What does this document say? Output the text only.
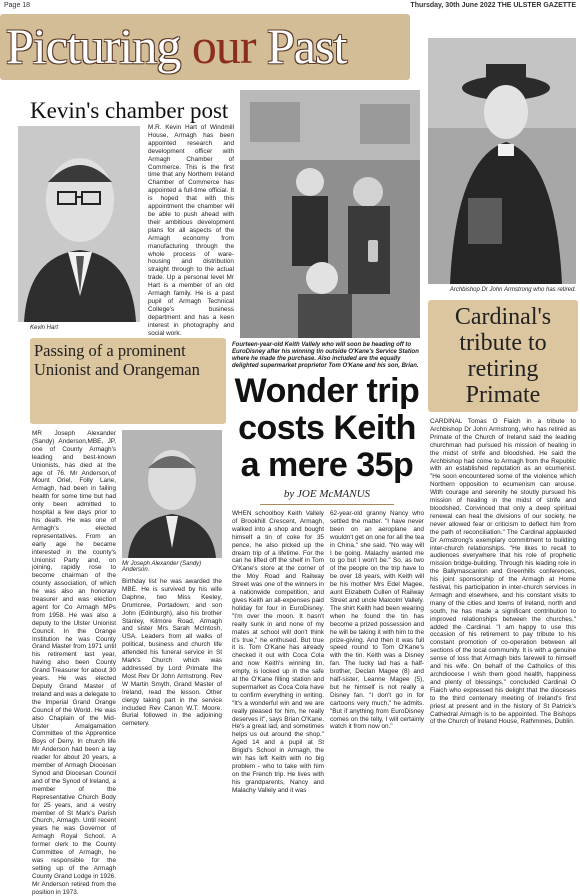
Page 18	Thursday, 30th June 2022 THE ULSTER GAZETTE
Picturing our Past
Kevin's chamber post
Kevin Hart
M.R. Kevin Hart of Windmill House, Armagh has been appointed research and development officer with Armagh Chamber of Commerce. This is the first time that any Northern Ireland Chamber of Commerce has appointed a full-time official. It is hoped that with this appointment the chamber will be able to push ahead with their ambitious development plans for all aspects of the Armagh economy from manufacturing through the whole process of ware-housing and distribution straight through to the actual trade. Up a personal level Mr Hart is a member of an old Armagh family. He is a past pupil of Armagh Technical College's business department and has a keen interest in photography and social work.
Archbishop Dr John Armstrong who has retired.
Passing of a prominent Unionist and Orangeman
MR Joseph Alexander (Sandy) Anderson,MBE, JP, one of County Armagh's leading and best-known Unionists, has died at the age of 76. Mr Anderson,of Mount Oriel, Folly Lane, Armagh, had been in failing health for some time but had only been admitted to hospital a few days prior to his death. He was one of Armagh's elected representatives. From an early age he became interested in the county's Unionist Party and, on joining, rapidly rose to become chairman of the county association, of which he was also an honorary treasurer and was election agent for Co Armagh MPs from 1958. He was also a deputy to the Ulster Unionist Council. In the Orange Institution he was County Grand Master from 1971 until his retirement last year, having also been County Grand Treasurer for about 30 years. He was elected Deputy Grand Master of Ireland and was a delegate to the Imperial Grand Orange Council of the World. He was also Chaplain of the Mid-Ulster Amalgamation Committee of the Apprentice Boys of Derry. In church life Mr Anderson had been a lay reader for about 20 years, a member of Armagh Diocesan Synod and Diocesan Council and of the Synod of Ireland, a member of the Representative Church Body for 25 years, and a vestry member of St Mark's Parish Church, Armagh. Until recent years he was Governor of Armagh Royal School. A former clerk to the County Committee of Armagh, he was responsible for the setting up of the Armagh County Grand Lodge in 1926. Mr Anderson retired from the position in 1973.
Mr Joseph Alexander (Sandy) Anderson.
Birthday list he was awarded the MBE. He is survived by his wife Daphne, two Miss Keeley, Drumcree, Portadown; and son John (Edinburgh), also his brother Stanley, Kilmore Road, Armagh and sister Mrs Sarah McIntosh, USA. Leaders from all walks of political, business and church life attended his funeral service in St Mark's Church which was addressed by Lord Primate the Most Rev Dr John Armstrong. Rev W Martin Smyth, Grand Master of Ireland, read the lesson. Other clergy taking part in the service included Rev Canon W.T. Moore. Burial followed in the adjoining cemetery.
Fourteen-year-old Keith Vallely who will soon be heading off to EuroDisney after his winning tin outside O'Kane's Service Station where he made the purchase. Also included are the equally delighted supermarket proprietor Tom O'Kane and his son, Brian.
Wonder trip costs Keith a mere 35p
by JOE McMANUS
WHEN schoolboy Keith Vallely of Brookhill Crescent, Armagh, walked into a shop and bought himself a tin of coke for 35 pence, he also picked up the dream trip of a lifetime. For the can he lifted off the shelf in Tom O'Kane's store at the corner of the Moy Road and Railway Street was one of the winners in a nationwide competition, and gives Keith an all-expenses paid holiday for four in EuroDisney. "I'm over the moon. It hasn't really sunk in and none of my mates at school will don't think it's true," he enthused. But true it is. Tom O'Kane has already checked it out with Coca Cola and now Keith's winning tin, empty, is locked up in the safe at the O'Kane filling station and supermarket as Coca Cola have to confirm everything in writing. "It's a wonderful win and we are really pleased for him, he really deserves it", says Brian O'Kane. He's a great lad, and sometimes helps us out around the shop." Aged 14 and a pupil at St Brigid's School in Armagh, the win has left Keith with no big problem - who to take with him on the French trip. He lives with his grandparents, Nancy and Malachy Vallely and it was
62-year-old granny Nancy who settled the matter. "I have never been on an aeroplane and wouldn't get on one for all the tea in China," she said. "No way will I be going. Malachy wanted me to go but I won't be." So, as two of the people on the trip have to be over 18 years, with Keith will be his mother Mrs Edel Magee, aunt Elizabeth Cullen of Railway Street and uncle Malcolm Vallely. The shirt Keith had been wearing when he found the tin has become a prized possession and he will be taking it with him to the prize-giving. And then it was full speed round to Tom O'Kane's with the tin. Keith was a Disney fan. The lucky lad has a half-brother, Declan Magee (8) and half-sister, Leanne Magee (5), but he himself is not really a Disney fan. "I don't go in for cartoons very much," he admits. "But if anything from EuroDisney comes on the telly, I will certainly watch it from now on."
Cardinal's tribute to retiring Primate
CARDINAL Tomas O Fiaich in a tribute to Archbishop Dr John Armstrong, who has retired as Primate of the Church of Ireland said the leading churchman had pursued his mission of healing in the midst of strife and bloodshed. He said the Archbishop had come to Armagh from the Republic with an established reputation as an ecumenist. "He soon encountered some of the violence which Northern opposition to ecumenism can arouse. With courage and serenity he stoutly pursued his mission of healing in the midst of strife and bloodshed. Convinced that only a deep spiritual renewal can heal the divisions of our society, he never allowed fear or criticism to deflect him from the path of reconciliation." The Cardinal applauded Dr Armstrong's exemplary commitment to building inter-church relationships. "He likes to recall to audiences everywhere that his role of prophetic mission bridge-building. Through his leading role in the Ballymascanlon and Greenhills conferences, his joint sponsorship of the Armagh at Home festival, his participation in inter-church services in Armagh and elsewhere, and his constant visits to many of the cities and towns of Ireland, north and south, he has made a significant contribution to improved relationships between the churches," added the Cardinal. "I am happy to use this occasion of his retirement to pay tribute to his constant promotion of co-operation between all sections of the local community. It is with a genuine sense of loss that Armagh bids farewell to himself and his wife. On behalf of the Catholics of this archdiocese I wish them good health, happiness and plenty of blessings," concluded Cardinal O Fiaich who expressed his delight that the dioceses to the third centenary meeting of Ireland's first priest at present and in the history of St Patrick's Cathedral Armagh is to be appointed. The Bishops of the Church of Ireland House, Rathmines, Dublin.
